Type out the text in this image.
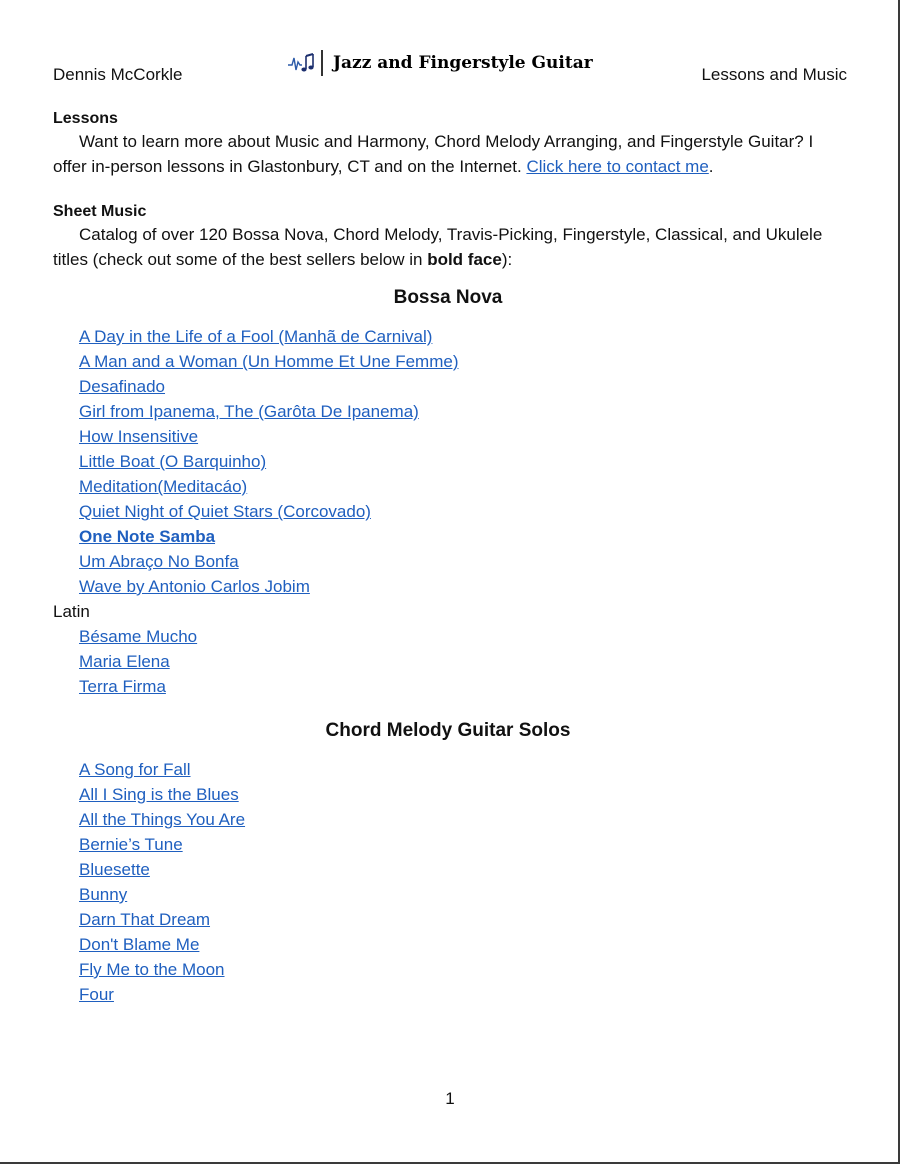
Dennis McCorkle
Jazz and Fingerstyle Guitar
Lessons and Music

Lessons

Want to learn more about Music and Harmony, Chord Melody Arranging, and Fingerstyle Guitar? I offer in-person lessons in Glastonbury, CT and on the Internet. Click here to contact me.

Sheet Music

Catalog of over 120 Bossa Nova, Chord Melody, Travis-Picking, Fingerstyle, Classical, and Ukulele titles (check out some of the best sellers below in bold face):

Bossa Nova
A Day in the Life of a Fool (Manhã de Carnival)
A Man and a Woman (Un Homme Et Une Femme)
Desafinado
Girl from Ipanema, The (Garôta De Ipanema)
How Insensitive
Little Boat (O Barquinho)
Meditation(Meditacáo)
Quiet Night of Quiet Stars (Corcovado)
One Note Samba
Um Abraço No Bonfa
Wave by Antonio Carlos Jobim

Latin

Bésame Mucho
Maria Elena
Terra Firma
Chord Melody Guitar Solos
A Song for Fall
All I Sing is the Blues
All the Things You Are
Bernie’s Tune
Bluesette
Bunny
Darn That Dream
Don't Blame Me
Fly Me to the Moon
Four
1
